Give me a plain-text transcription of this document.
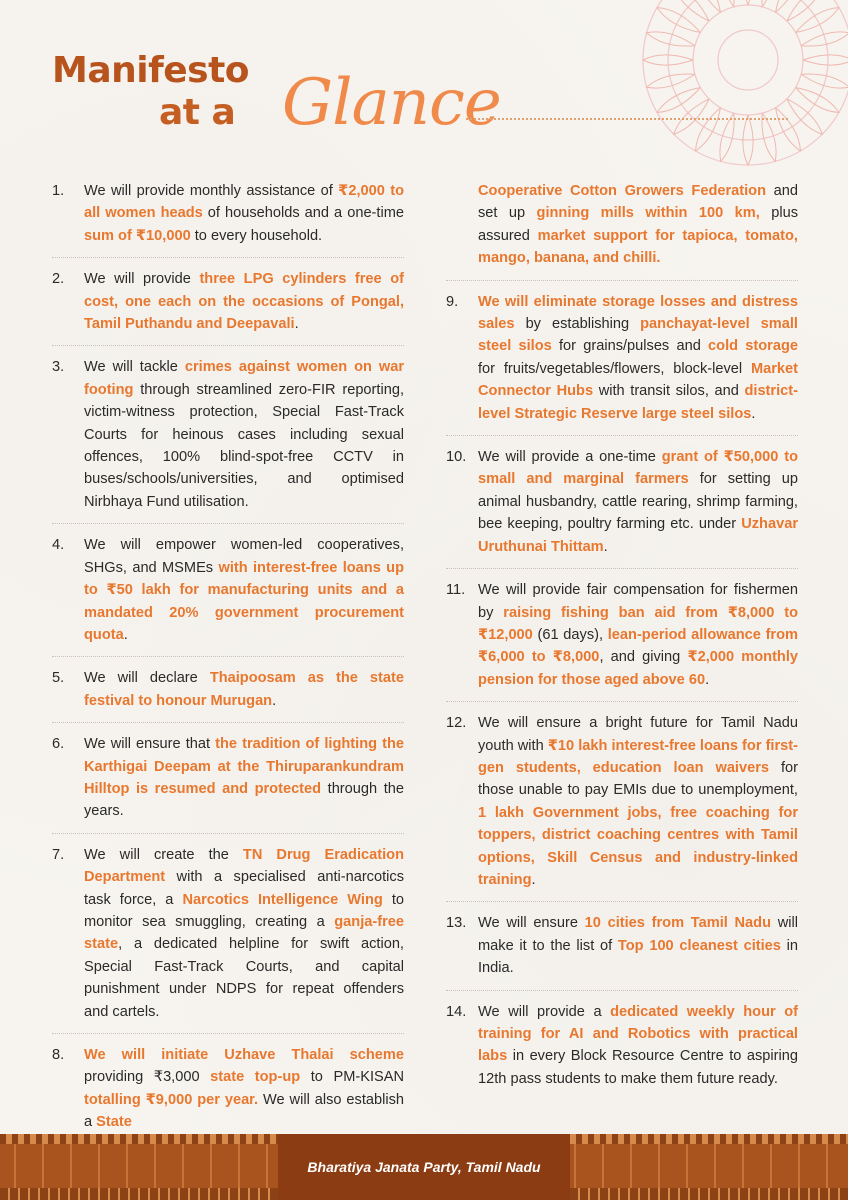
Manifesto
at a Glance
1.	We will provide monthly assistance of ₹2,000 to all women heads of households and a one-time sum of ₹10,000 to every household.
2.	We will provide three LPG cylinders free of cost, one each on the occasions of Pongal, Tamil Puthandu and Deepavali.
3.	We will tackle crimes against women on war footing through streamlined zero-FIR reporting, victim-witness protection, Special Fast-Track Courts for heinous cases including sexual offences, 100% blind-spot-free CCTV in buses/schools/universities, and optimised Nirbhaya Fund utilisation.
4.	We will empower women-led cooperatives, SHGs, and MSMEs with interest-free loans up to ₹50 lakh for manufacturing units and a mandated 20% government procurement quota.
5.	We will declare Thaipoosam as the state festival to honour Murugan.
6.	We will ensure that the tradition of lighting the Karthigai Deepam at the Thiruparankundram Hilltop is resumed and protected through the years.
7.	We will create the TN Drug Eradication Department with a specialised anti-narcotics task force, a Narcotics Intelligence Wing to monitor sea smuggling, creating a ganja-free state, a dedicated helpline for swift action, Special Fast-Track Courts, and capital punishment under NDPS for repeat offenders and cartels.
8.	We will initiate Uzhave Thalai scheme providing ₹3,000 state top-up to PM-KISAN totalling ₹9,000 per year. We will also establish a State
Cooperative Cotton Growers Federation and set up ginning mills within 100 km, plus assured market support for tapioca, tomato, mango, banana, and chilli.
9.	We will eliminate storage losses and distress sales by establishing panchayat-level small steel silos for grains/pulses and cold storage for fruits/vegetables/flowers, block-level Market Connector Hubs with transit silos, and district-level Strategic Reserve large steel silos.
10. We will provide a one-time grant of ₹50,000 to small and marginal farmers for setting up animal husbandry, cattle rearing, shrimp farming, bee keeping, poultry farming etc. under Uzhavar Uruthunai Thittam.
11. We will provide fair compensation for fishermen by raising fishing ban aid from ₹8,000 to ₹12,000 (61 days), lean-period allowance from ₹6,000 to ₹8,000, and giving ₹2,000 monthly pension for those aged above 60.
12. We will ensure a bright future for Tamil Nadu youth with ₹10 lakh interest-free loans for first-gen students, education loan waivers for those unable to pay EMIs due to unemployment, 1 lakh Government jobs, free coaching for toppers, district coaching centres with Tamil options, Skill Census and industry-linked training.
13. We will ensure 10 cities from Tamil Nadu will make it to the list of Top 100 cleanest cities in India.
14. We will provide a dedicated weekly hour of training for AI and Robotics with practical labs in every Block Resource Centre to aspiring 12th pass students to make them future ready.
Bharatiya Janata Party, Tamil Nadu
